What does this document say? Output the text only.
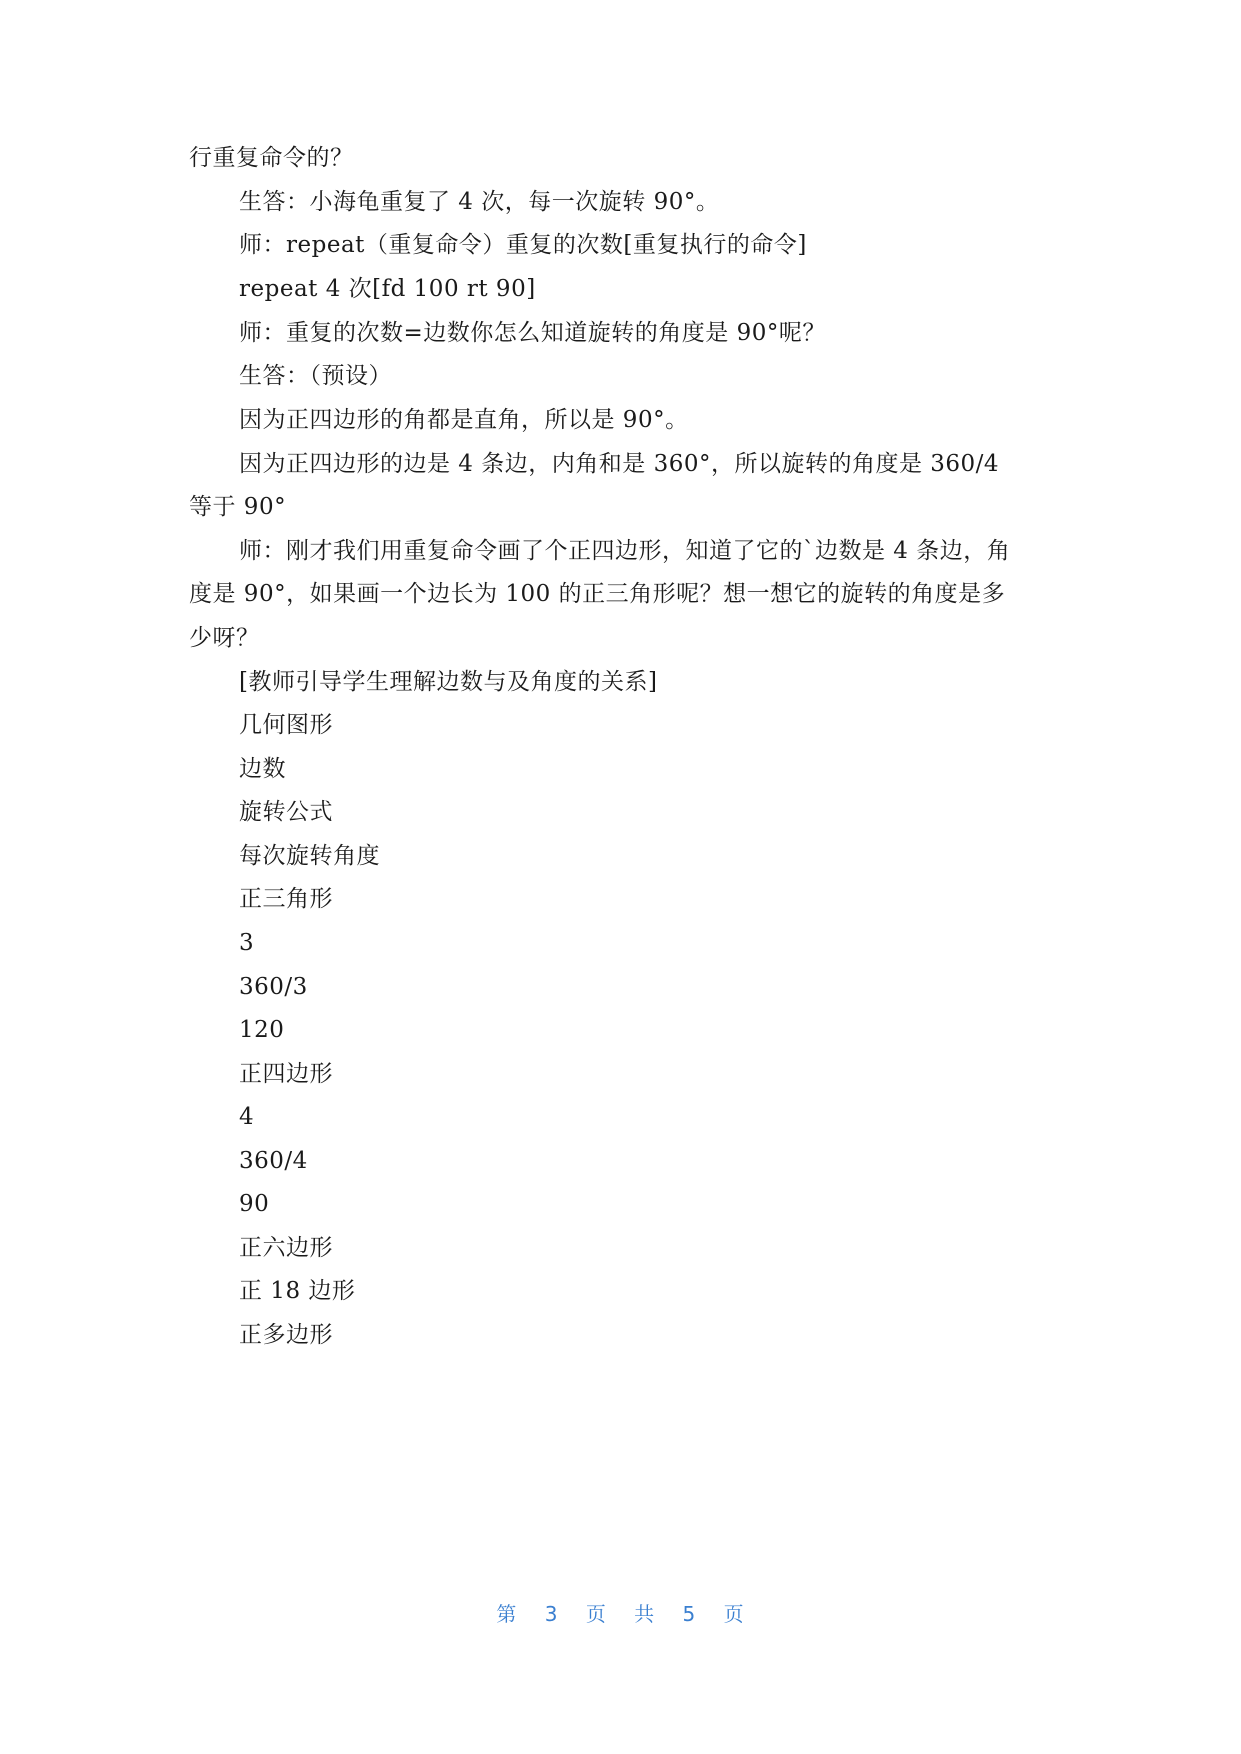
行重复命令的？
生答：小海龟重复了 4 次，每一次旋转 90°。
师：repeat（重复命令）重复的次数[重复执行的命令]
repeat 4 次[fd 100 rt 90]
师：重复的次数=边数你怎么知道旋转的角度是 90°呢？
生答：（预设）
因为正四边形的角都是直角，所以是 90°。
因为正四边形的边是 4 条边，内角和是 360°，所以旋转的角度是 360/4
等于 90°
师：刚才我们用重复命令画了个正四边形，知道了它的`边数是 4 条边，角
度是 90°，如果画一个边长为 100 的正三角形呢？想一想它的旋转的角度是多
少呀？
[教师引导学生理解边数与及角度的关系]
几何图形
边数
旋转公式
每次旋转角度
正三角形
3
360/3
120
正四边形
4
360/4
90
正六边形
正 18 边形
正多边形
第 3 页 共 5 页
